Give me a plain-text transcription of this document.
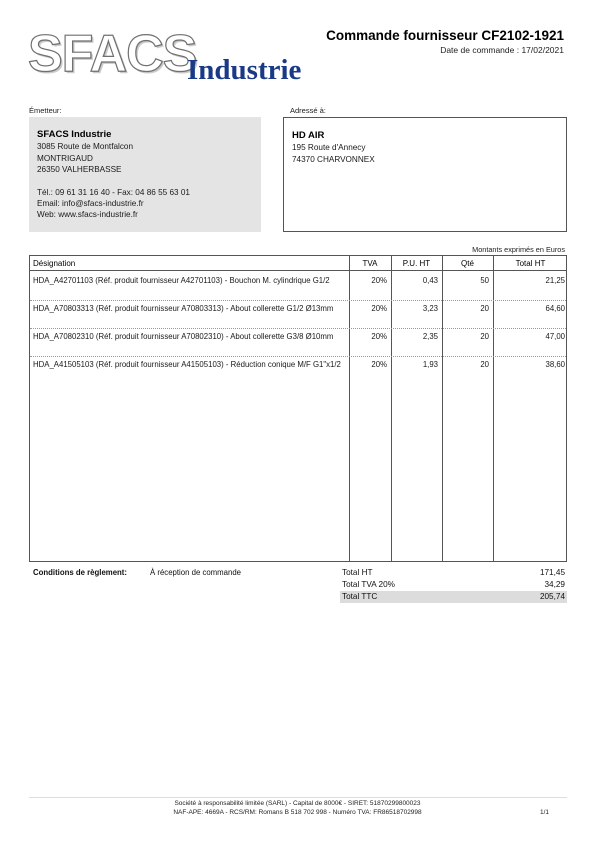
SFACS
Industrie
Commande fournisseur CF2102-1921
Date de commande : 17/02/2021
Émetteur:
SFACS Industrie
3085 Route de Montfalcon
MONTRIGAUD
26350 VALHERBASSE
Tél.: 09 61 31 16 40 - Fax: 04 86 55 63 01
Email: info@sfacs-industrie.fr
Web: www.sfacs-industrie.fr
Adressé à:
HD AIR
195 Route d'Annecy
74370 CHARVONNEX
Montants exprimés en Euros
Désignation	TVA	P.U. HT	Qté	Total HT
HDA_A42701103 (Réf. produit fournisseur A42701103) - Bouchon M. cylindrique G1/2	20%	0,43	50	21,25
HDA_A70803313 (Réf. produit fournisseur A70803313) - About collerette G1/2 Ø13mm	20%	3,23	20	64,60
HDA_A70802310 (Réf. produit fournisseur A70802310) - About collerette G3/8 Ø10mm	20%	2,35	20	47,00
HDA_A41505103 (Réf. produit fournisseur A41505103) - Réduction conique M/F G1"x1/2	20%	1,93	20	38,60
Conditions de règlement:	À réception de commande	Total HT	171,45
Total TVA 20%	34,29
Total TTC	205,74
Société à responsabilité limitée (SARL) - Capital de 8000€ - SIRET: 51870299800023
NAF-APE: 4669A - RCS/RM: Romans B 518 702 998 - Numéro TVA: FR86518702998	1/1
